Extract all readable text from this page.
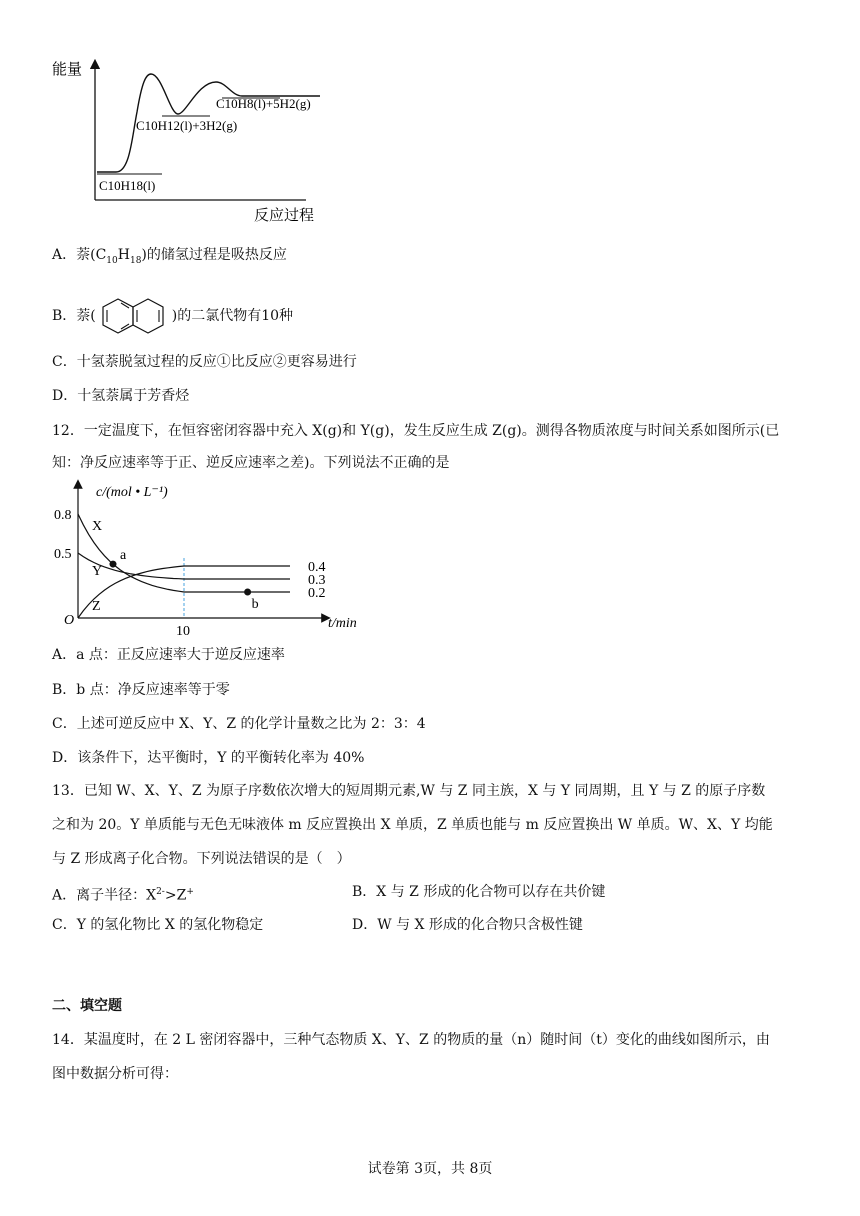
能量
C10H8(l)+5H2(g)
C10H12(l)+3H2(g)
C10H18(l)
反应过程
A．萘$(C_{10}H_{18})$的储氢过程是吸热反应
B．萘(	)的二氯代物有10种
C．十氢萘脱氢过程的反应①比反应②更容易进行
D．十氢萘属于芳香烃
12．一定温度下，在恒容密闭容器中充入 X(g)和 Y(g)，发生反应生成 Z(g)。测得各物质浓度与时间关系如图所示(已
知：净反应速率等于正、逆反应速率之差)。下列说法不正确的是
c/(mol • L⁻¹)
t/min
O
0.8
0.5
10
X
0.2
Y
0.3
Z
0.4
a
b
A．a 点：正反应速率大于逆反应速率
B．b 点：净反应速率等于零
C．上述可逆反应中 X、Y、Z 的化学计量数之比为 2：3：4
D．该条件下，达平衡时，Y 的平衡转化率为 40%
13．已知 W、X、Y、Z 为原子序数依次增大的短周期元素,W 与 Z 同主族，X 与 Y 同周期，且 Y 与 Z 的原子序数
之和为 20。Y 单质能与无色无味液体 m 反应置换出 X 单质，Z 单质也能与 m 反应置换出 W 单质。W、X、Y 均能
与 Z 形成离子化合物。下列说法错误的是（　）
A．离子半径：$X^{2-}>Z^+$	B．X 与 Z 形成的化合物可以存在共价键
C．Y 的氢化物比 X 的氢化物稳定	D．W 与 X 形成的化合物只含极性键
二、填空题
14．某温度时，在 2 L 密闭容器中，三种气态物质 X、Y、Z 的物质的量（n）随时间（t）变化的曲线如图所示，由
图中数据分析可得：
试卷第 3页，共 8页
